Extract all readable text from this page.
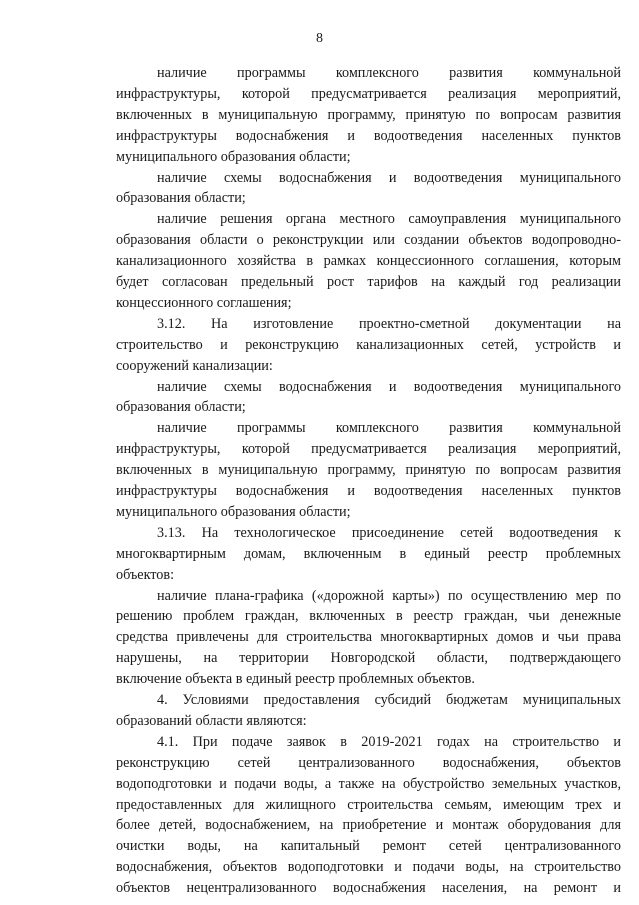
8
наличие программы комплексного развития коммунальной
инфраструктуры, которой предусматривается реализация мероприятий,
включенных в муниципальную программу, принятую по вопросам развития
инфраструктуры водоснабжения и водоотведения населенных пунктов
муниципального образования области;
наличие схемы водоснабжения и водоотведения муниципального
образования области;
наличие решения органа местного самоуправления муниципального
образования области о реконструкции или создании объектов водопроводно-
канализационного хозяйства в рамках концессионного соглашения, которым
будет согласован предельный рост тарифов на каждый год реализации
концессионного соглашения;
3.12. На изготовление проектно-сметной документации на
строительство и реконструкцию канализационных сетей, устройств и
сооружений канализации:
наличие схемы водоснабжения и водоотведения муниципального
образования области;
наличие программы комплексного развития коммунальной
инфраструктуры, которой предусматривается реализация мероприятий,
включенных в муниципальную программу, принятую по вопросам развития
инфраструктуры водоснабжения и водоотведения населенных пунктов
муниципального образования области;
3.13. На технологическое присоединение сетей водоотведения к
многоквартирным домам, включенным в единый реестр проблемных
объектов:
наличие плана-графика («дорожной карты») по осуществлению мер по
решению проблем граждан, включенных в реестр граждан, чьи денежные
средства привлечены для строительства многоквартирных домов и чьи права
нарушены, на территории Новгородской области, подтверждающего
включение объекта в единый реестр проблемных объектов.
4. Условиями предоставления субсидий бюджетам муниципальных
образований области являются:
4.1. При подаче заявок в 2019-2021 годах на строительство и
реконструкцию сетей централизованного водоснабжения, объектов
водоподготовки и подачи воды, а также на обустройство земельных участков,
предоставленных для жилищного строительства семьям, имеющим трех и
более детей, водоснабжением, на приобретение и монтаж оборудования для
очистки воды, на капитальный ремонт сетей централизованного
водоснабжения, объектов водоподготовки и подачи воды, на строительство
объектов нецентрализованного водоснабжения населения, на ремонт и
